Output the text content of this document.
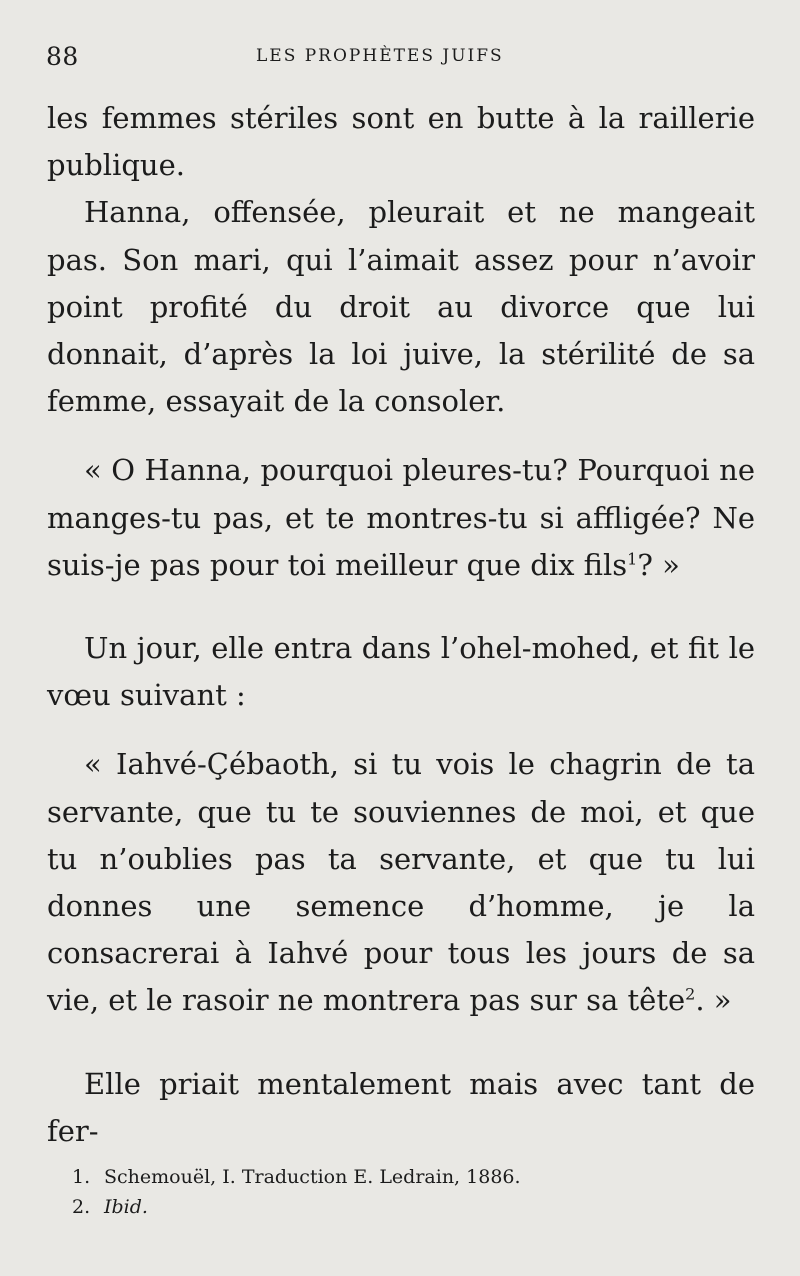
88	LES PROPHÈTES JUIFS

les femmes stériles sont en butte à la raillerie publique.

Hanna, offensée, pleurait et ne mangeait pas. Son mari, qui l’aimait assez pour n’avoir point profité du droit au divorce que lui donnait, d’après la loi juive, la stérilité de sa femme, essayait de la consoler.

« O Hanna, pourquoi pleures-tu? Pourquoi ne manges-tu pas, et te montres-tu si affligée? Ne suis-je pas pour toi meilleur que dix fils$^1$? »

Un jour, elle entra dans l’ohel-mohed, et fit le vœu suivant :

« Iahvé-Çébaoth, si tu vois le chagrin de ta servante, que tu te souviennes de moi, et que tu n’oublies pas ta servante, et que tu lui donnes une semence d’homme, je la consacrerai à Iahvé pour tous les jours de sa vie, et le rasoir ne montrera pas sur sa tête$^2$. »

Elle priait mentalement mais avec tant de fer-

1. Schemouël, I. Traduction E. Ledrain, 1886.

2. Ibid.
